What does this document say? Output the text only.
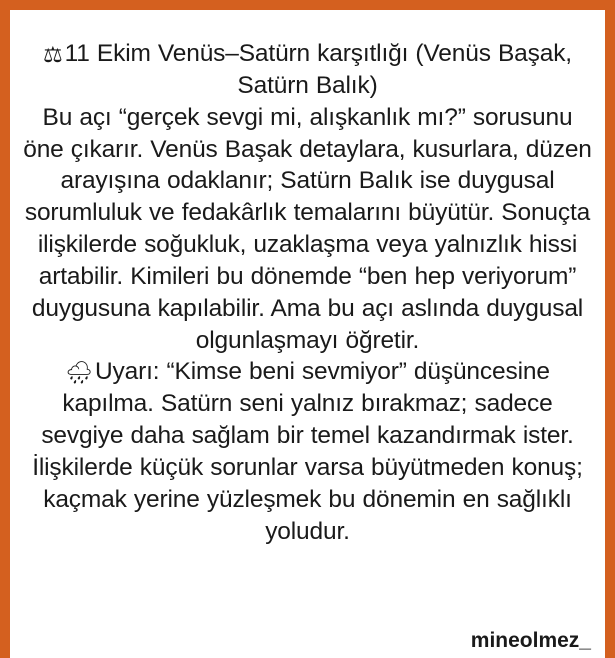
⚖11 Ekim Venüs–Satürn karşıtlığı (Venüs Başak, Satürn Balık)

Bu açı “gerçek sevgi mi, alışkanlık mı?” sorusunu öne çıkarır. Venüs Başak detaylara, kusurlara, düzen arayışına odaklanır; Satürn Balık ise duygusal sorumluluk ve fedakârlık temalarını büyütür. Sonuçta ilişkilerde soğukluk, uzaklaşma veya yalnızlık hissi artabilir. Kimileri bu dönemde “ben hep veriyorum” duygusuna kapılabilir. Ama bu açı aslında duygusal olgunlaşmayı öğretir.

🌧Uyarı: “Kimse beni sevmiyor” düşüncesine kapılma. Satürn seni yalnız bırakmaz; sadece sevgiye daha sağlam bir temel kazandırmak ister. İlişkilerde küçük sorunlar varsa büyütmeden konuş; kaçmak yerine yüzleşmek bu dönemin en sağlıklı yoludur.

mineolmez_
